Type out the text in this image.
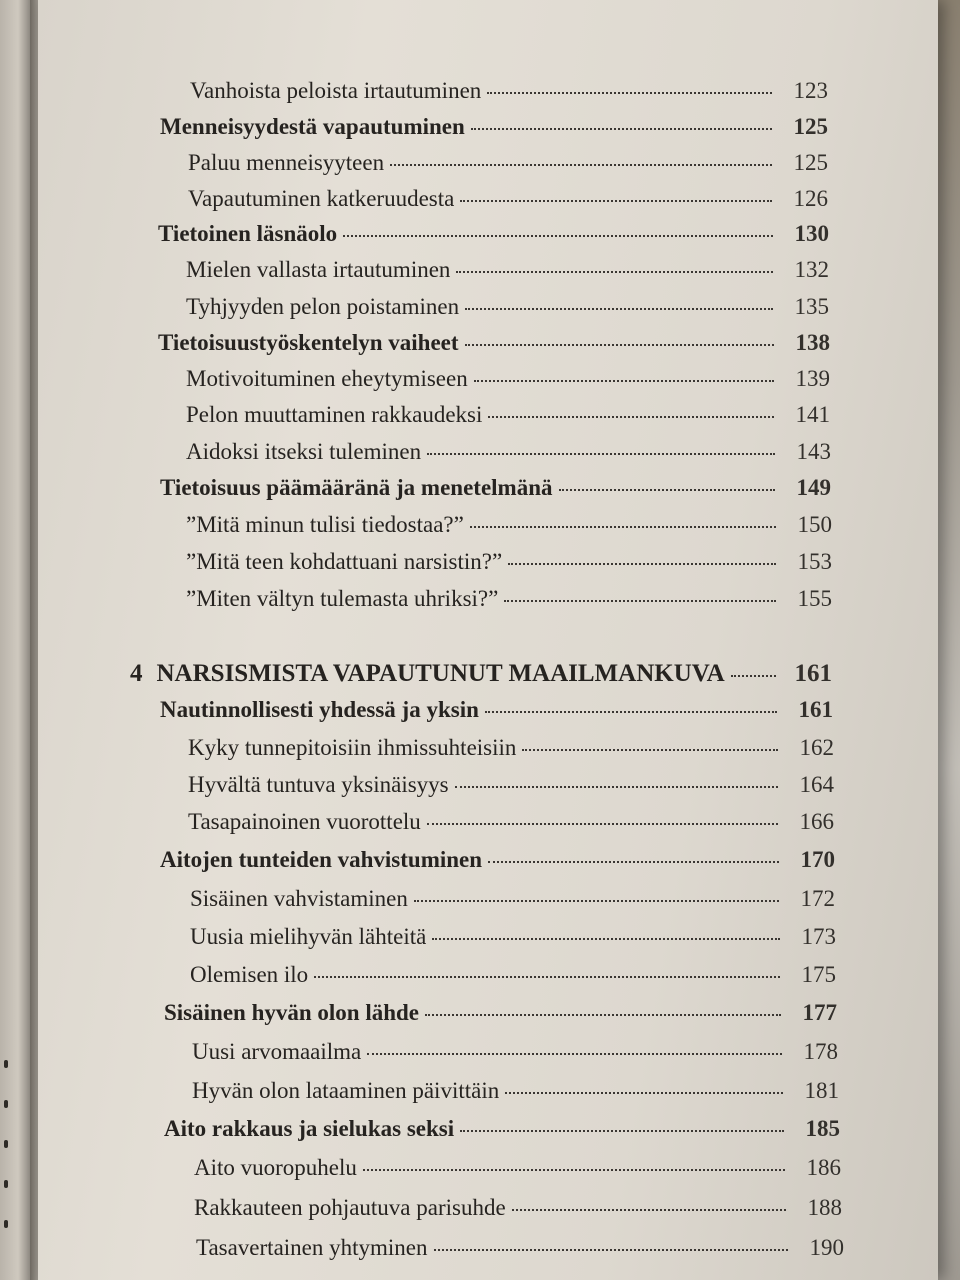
Vanhoista peloista irtautuminen	123
Menneisyydestä vapautuminen	125
Paluu menneisyyteen	125
Vapautuminen katkeruudesta	126
Tietoinen läsnäolo	130
Mielen vallasta irtautuminen	132
Tyhjyyden pelon poistaminen	135
Tietoisuustyöskentelyn vaiheet	138
Motivoituminen eheytymiseen	139
Pelon muuttaminen rakkaudeksi	141
Aidoksi itseksi tuleminen	143
Tietoisuus päämääränä ja menetelmänä	149
”Mitä minun tulisi tiedostaa?”	150
”Mitä teen kohdattuani narsistin?”	153
”Miten vältyn tulemasta uhriksi?”	155
4 NARSISMISTA VAPAUTUNUT MAAILMANKUVA	161
Nautinnollisesti yhdessä ja yksin	161
Kyky tunnepitoisiin ihmissuhteisiin	162
Hyvältä tuntuva yksinäisyys	164
Tasapainoinen vuorottelu	166
Aitojen tunteiden vahvistuminen	170
Sisäinen vahvistaminen	172
Uusia mielihyvän lähteitä	173
Olemisen ilo	175
Sisäinen hyvän olon lähde	177
Uusi arvomaailma	178
Hyvän olon lataaminen päivittäin	181
Aito rakkaus ja sielukas seksi	185
Aito vuoropuhelu	186
Rakkauteen pohjautuva parisuhde	188
Tasavertainen yhtyminen	190
